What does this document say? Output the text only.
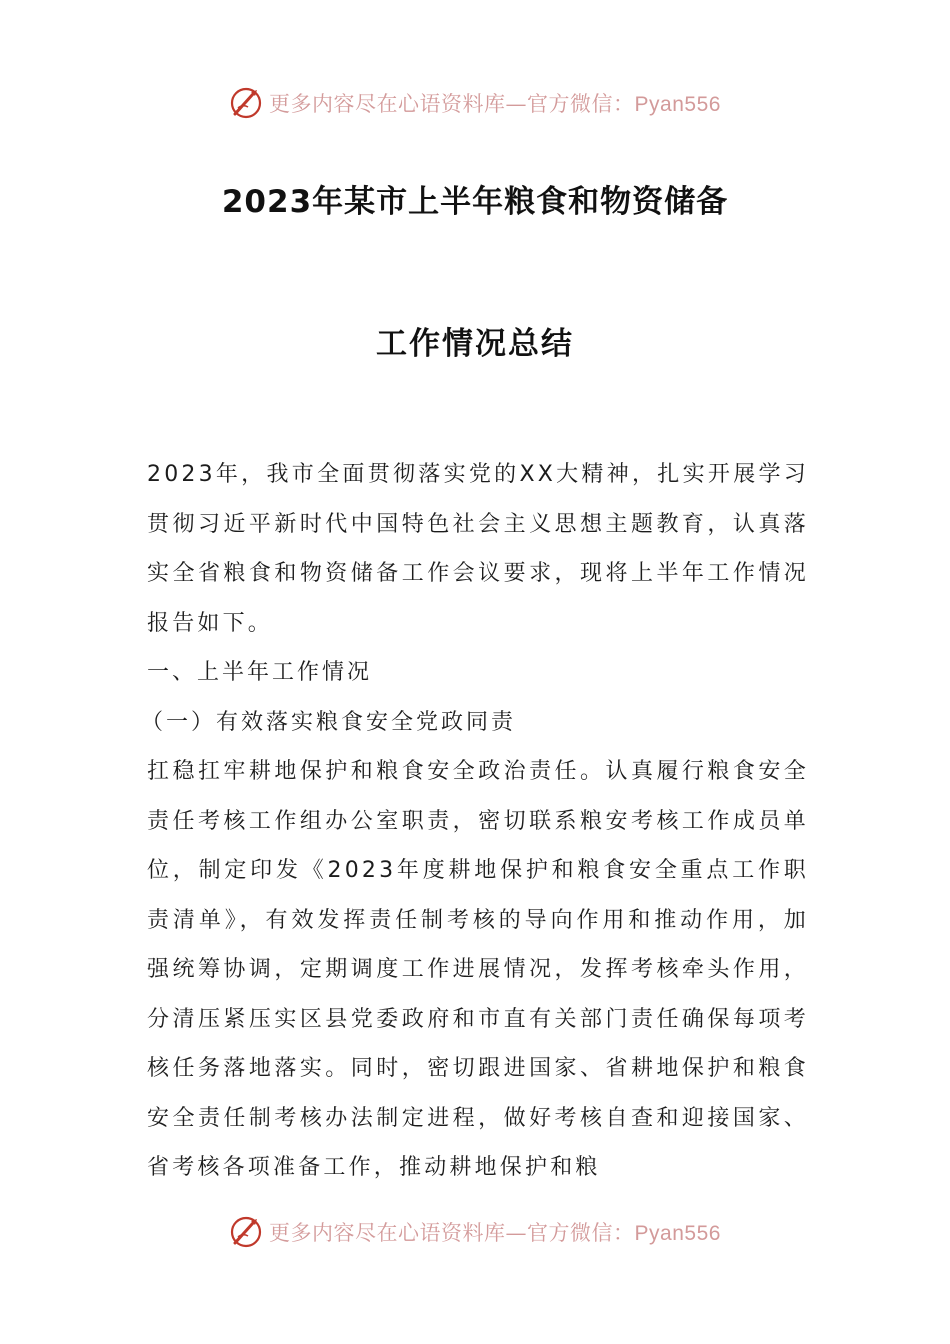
更多内容尽在心语资料库—官方微信：Pyan556
2023年某市上半年粮食和物资储备
工作情况总结

2023年，我市全面贯彻落实党的XX大精神，扎实开展学习贯彻习近平新时代中国特色社会主义思想主题教育，认真落实全省粮食和物资储备工作会议要求，现将上半年工作情况报告如下。

一、上半年工作情况

（一）有效落实粮食安全党政同责

扛稳扛牢耕地保护和粮食安全政治责任。认真履行粮食安全责任考核工作组办公室职责，密切联系粮安考核工作成员单位，制定印发《2023年度耕地保护和粮食安全重点工作职责清单》，有效发挥责任制考核的导向作用和推动作用，加强统筹协调，定期调度工作进展情况，发挥考核牵头作用，分清压紧压实区县党委政府和市直有关部门责任确保每项考核任务落地落实。同时，密切跟进国家、省耕地保护和粮食安全责任制考核办法制定进程，做好考核自查和迎接国家、省考核各项准备工作，推动耕地保护和粮

更多内容尽在心语资料库—官方微信：Pyan556
